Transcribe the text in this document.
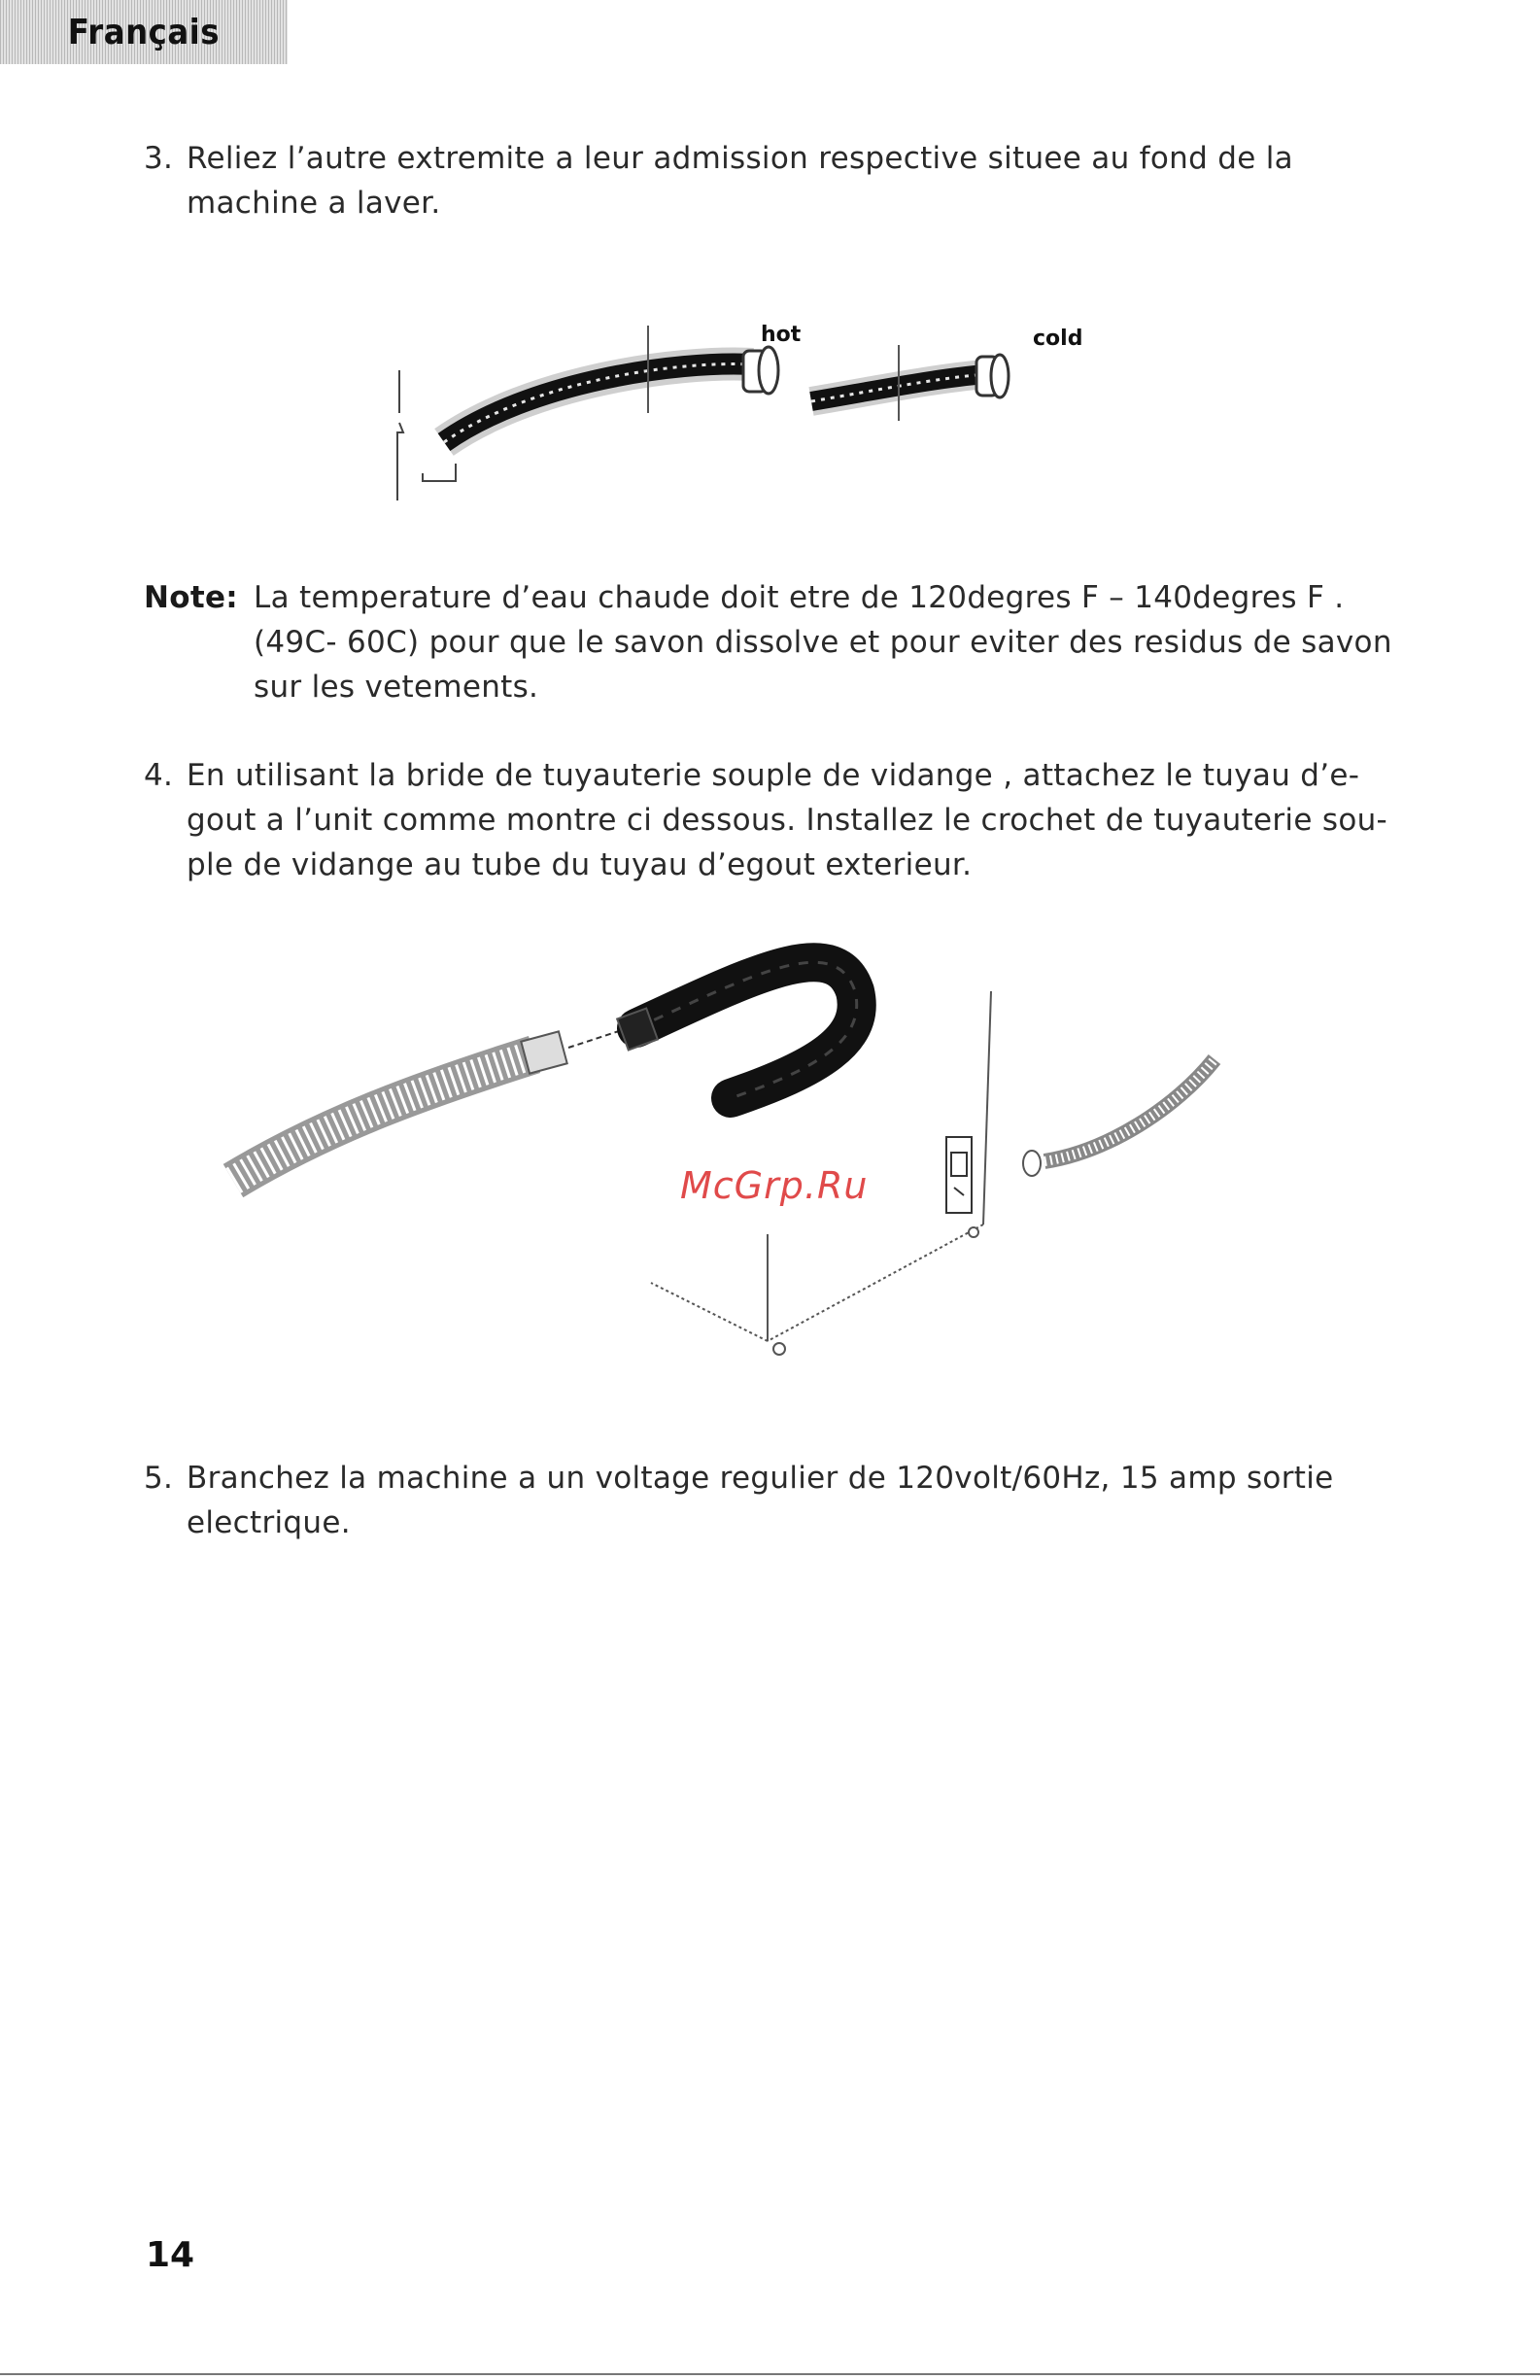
Français
3. Reliez l’autre extremite a leur admission respective situee au fond de la
machine a laver.
hot	cold
Note: La temperature d’eau chaude doit etre de 120degres F – 140degres F .
(49C- 60C) pour que le savon dissolve et pour eviter des residus de savon
sur les vetements.
4. En utilisant la bride de tuyauterie souple de vidange , attachez le tuyau d’e-
gout a l’unit comme montre ci dessous. Installez le crochet de tuyauterie sou-
ple de vidange au tube du tuyau d’egout exterieur.
McGrp.Ru
5. Branchez la machine a un voltage regulier de 120volt/60Hz, 15 amp sortie
electrique.
14
